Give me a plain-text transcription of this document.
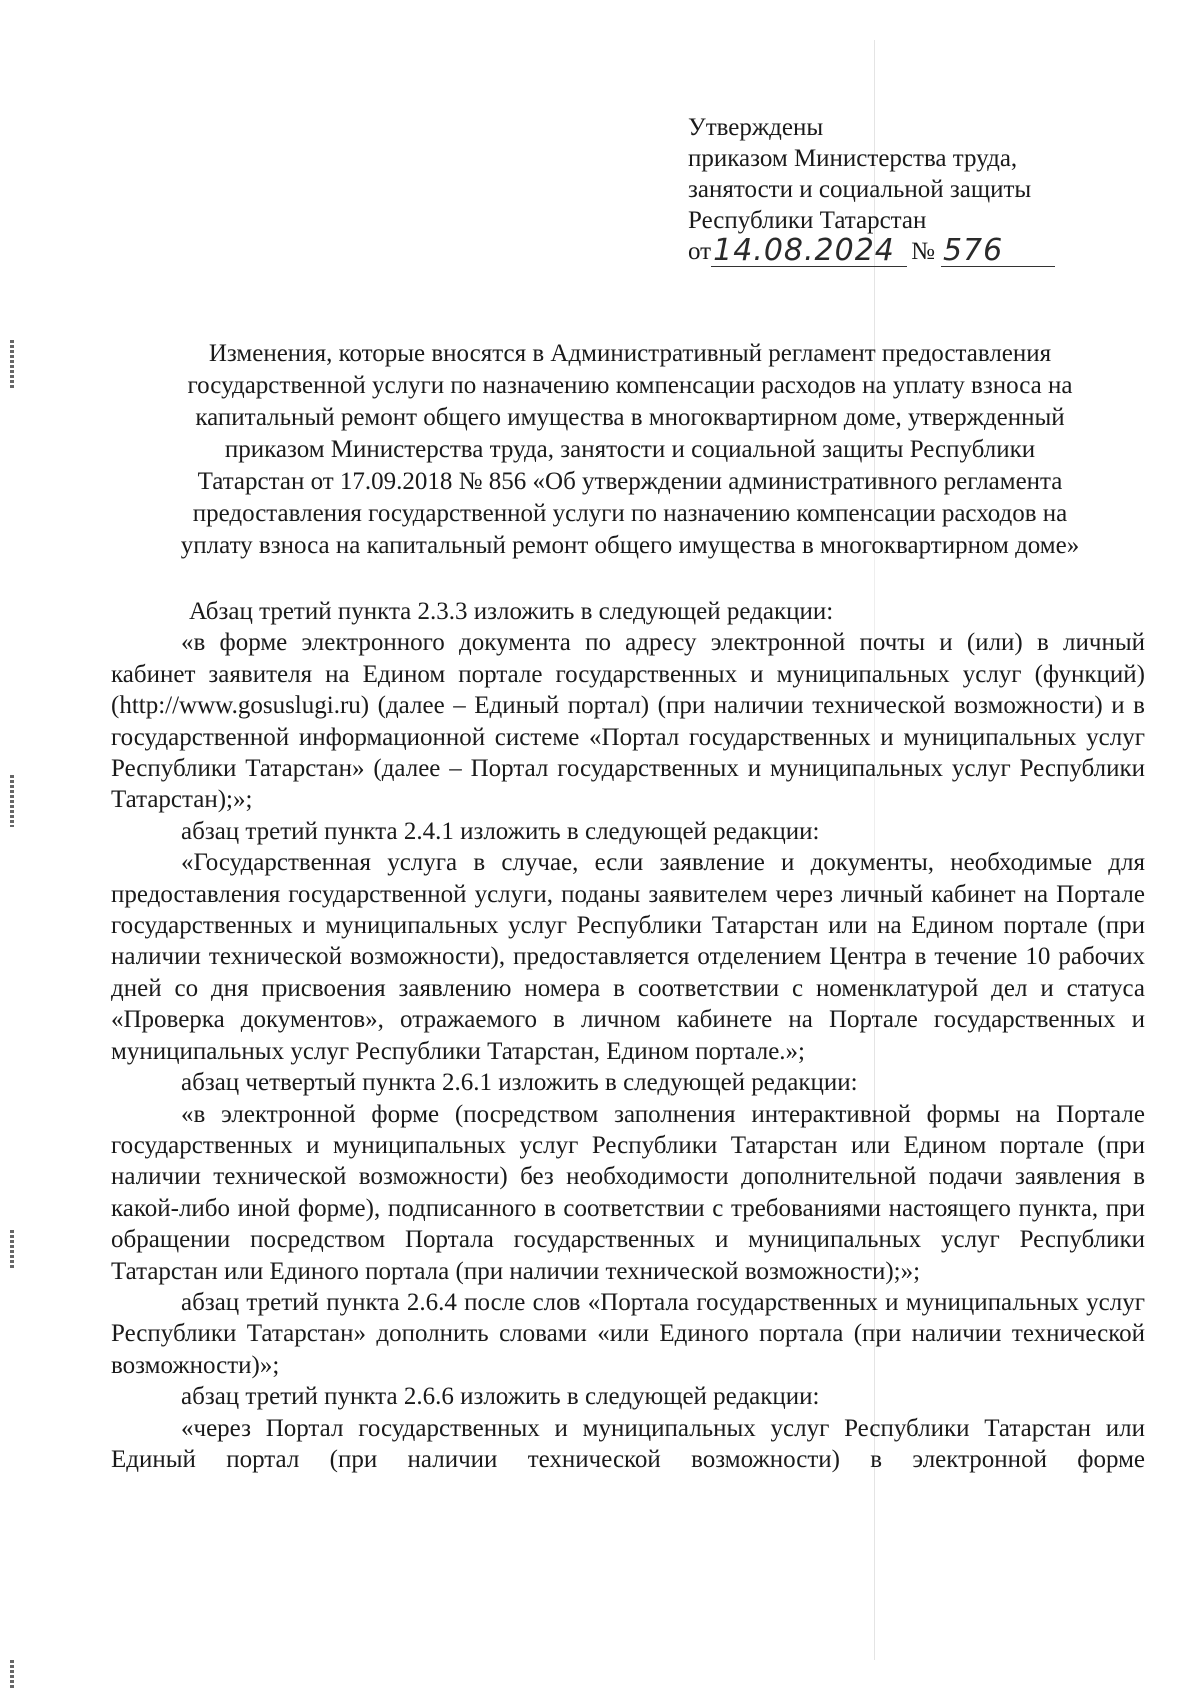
Утверждены
приказом Министерства труда,
занятости и социальной защиты
Республики Татарстан
от 14.08.2024 № 576
Изменения, которые вносятся в Административный регламент предоставления
государственной услуги по назначению компенсации расходов на уплату взноса на
капитальный ремонт общего имущества в многоквартирном доме, утвержденный
приказом Министерства труда, занятости и социальной защиты Республики
Татарстан от 17.09.2018 № 856 «Об утверждении административного регламента
предоставления государственной услуги по назначению компенсации расходов на
уплату взноса на капитальный ремонт общего имущества в многоквартирном доме»

Абзац третий пункта 2.3.3 изложить в следующей редакции:

«в форме электронного документа по адресу электронной почты и (или) в личный кабинет заявителя на Едином портале государственных и муниципальных услуг (функций) (http://www.gosuslugi.ru) (далее – Единый портал) (при наличии технической возможности) и в государственной информационной системе «Портал государственных и муниципальных услуг Республики Татарстан» (далее – Портал государственных и муниципальных услуг Республики Татарстан);»;

абзац третий пункта 2.4.1 изложить в следующей редакции:

«Государственная услуга в случае, если заявление и документы, необходимые для предоставления государственной услуги, поданы заявителем через личный кабинет на Портале государственных и муниципальных услуг Республики Татарстан или на Едином портале (при наличии технической возможности), предоставляется отделением Центра в течение 10 рабочих дней со дня присвоения заявлению номера в соответствии с номенклатурой дел и статуса «Проверка документов», отражаемого в личном кабинете на Портале государственных и муниципальных услуг Республики Татарстан, Едином портале.»;

абзац четвертый пункта 2.6.1 изложить в следующей редакции:

«в электронной форме (посредством заполнения интерактивной формы на Портале государственных и муниципальных услуг Республики Татарстан или Едином портале (при наличии технической возможности) без необходимости дополнительной подачи заявления в какой-либо иной форме), подписанного в соответствии с требованиями настоящего пункта, при обращении посредством Портала государственных и муниципальных услуг Республики Татарстан или Единого портала (при наличии технической возможности);»;

абзац третий пункта 2.6.4 после слов «Портала государственных и муниципальных услуг Республики Татарстан» дополнить словами «или Единого портала (при наличии технической возможности)»;

абзац третий пункта 2.6.6 изложить в следующей редакции:

«через Портал государственных и муниципальных услуг Республики Татарстан или Единый портал (при наличии технической возможности) в электронной форме
